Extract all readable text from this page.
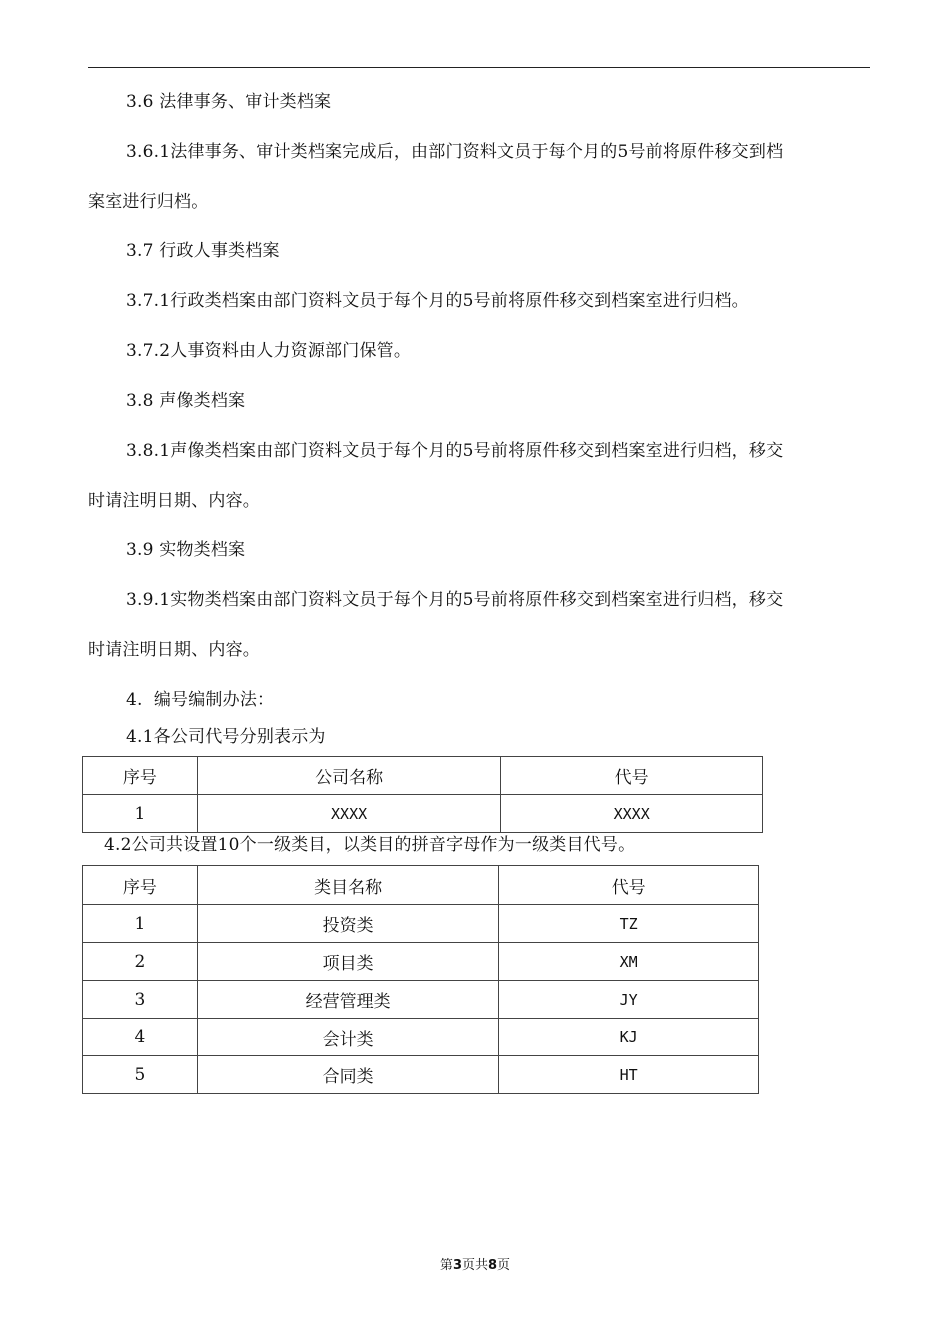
3.6 法律事务、审计类档案
3.6.1法律事务、审计类档案完成后，由部门资料文员于每个月的5号前将原件移交到档
案室进行归档。
3.7 行政人事类档案
3.7.1行政类档案由部门资料文员于每个月的5号前将原件移交到档案室进行归档。
3.7.2人事资料由人力资源部门保管。
3.8 声像类档案
3.8.1声像类档案由部门资料文员于每个月的5号前将原件移交到档案室进行归档，移交
时请注明日期、内容。
3.9 实物类档案
3.9.1实物类档案由部门资料文员于每个月的5号前将原件移交到档案室进行归档，移交
时请注明日期、内容。
4.  编号编制办法：
4.1各公司代号分别表示为
序号	公司名称	代号
1	XXXX	XXXX
4.2公司共设置10个一级类目，以类目的拼音字母作为一级类目代号。
序号	类目名称	代号
1	投资类	TZ
2	项目类	XM
3	经营管理类	JY
4	会计类	KJ
5	合同类	HT
第3页共8页
